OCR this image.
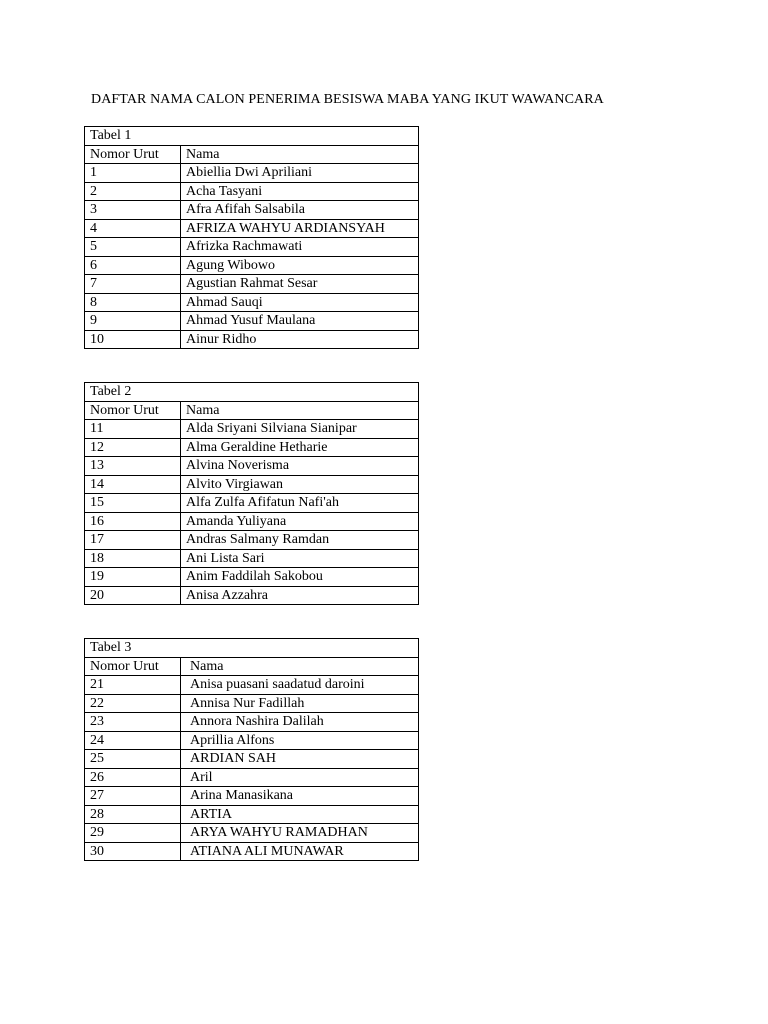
DAFTAR NAMA CALON PENERIMA BESISWA MABA YANG IKUT WAWANCARA
Tabel 1	
Nomor Urut	Nama
1	Abiellia Dwi Apriliani
2	Acha Tasyani
3	Afra Afifah Salsabila
4	AFRIZA WAHYU ARDIANSYAH
5	Afrizka Rachmawati
6	Agung Wibowo
7	Agustian Rahmat Sesar
8	Ahmad Sauqi
9	Ahmad Yusuf Maulana
10	Ainur Ridho
Tabel 2	
Nomor Urut	Nama
11	Alda Sriyani Silviana Sianipar
12	Alma Geraldine Hetharie
13	Alvina Noverisma
14	Alvito Virgiawan
15	Alfa Zulfa Afifatun Nafi'ah
16	Amanda Yuliyana
17	Andras Salmany Ramdan
18	Ani Lista Sari
19	Anim Faddilah Sakobou
20	Anisa Azzahra
Tabel 3	
Nomor Urut	Nama
21	Anisa puasani saadatud daroini
22	Annisa Nur Fadillah
23	Annora Nashira Dalilah
24	Aprillia Alfons
25	ARDIAN SAH
26	Aril
27	Arina Manasikana
28	ARTIA
29	ARYA WAHYU RAMADHAN
30	ATIANA ALI MUNAWAR
